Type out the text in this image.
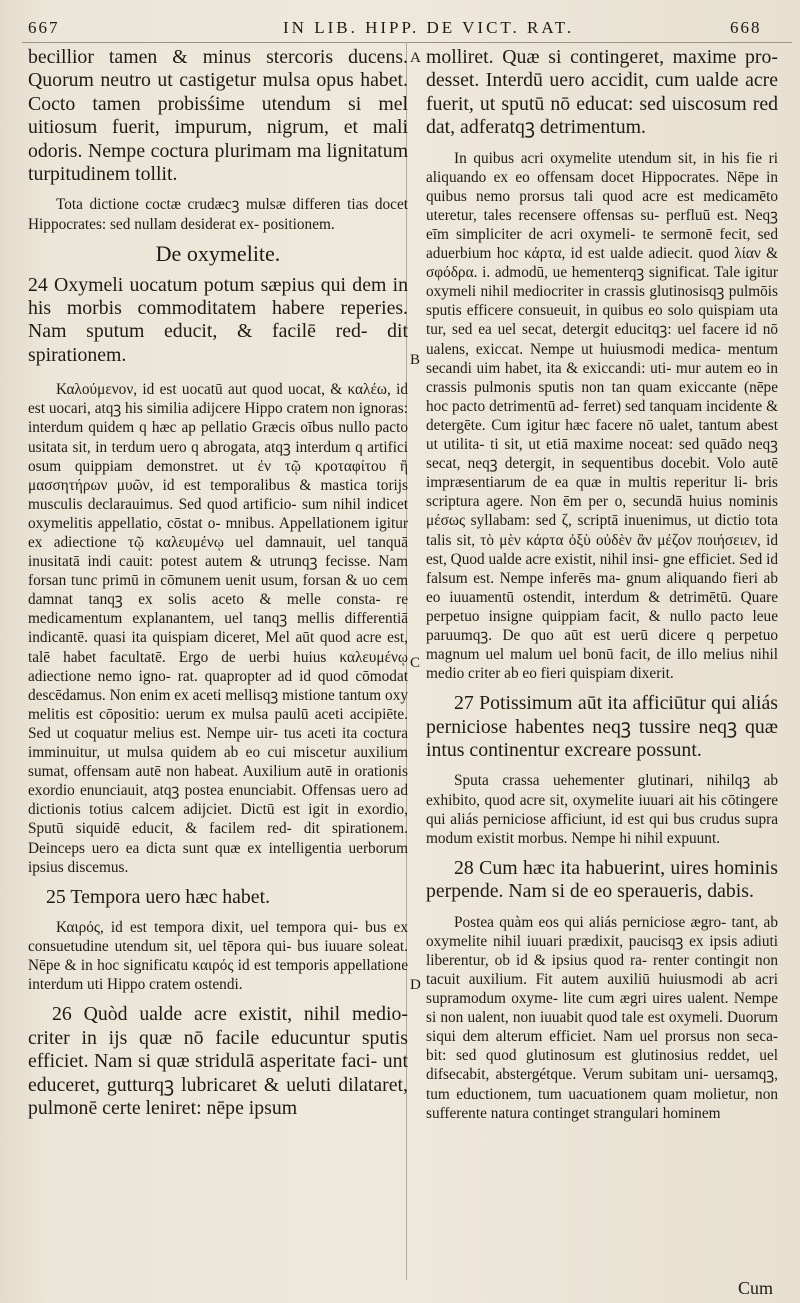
667	IN LIB. HIPP. DE VICT. RAT.	668
A
B
C
D

becillior tamen & minus stercoris ducens. Quorum neutro ut castigetur mulsa opus habet. Cocto tamen probisśime utendum si mel uitiosum fuerit, impurum, nigrum, et mali odoris. Nempe coctura plurimam ma lignitatum turpitudinem tollit.

Tota dictione coctæ crudæcꝫ mulsæ differen tias docet Hippocrates: sed nullam desiderat ex- positionem.

De oxymelite.

24 Oxymeli uocatum potum sæpius qui dem in his morbis commoditatem habere reperies. Nam sputum educit, & facilē red- dit spirationem.

Καλούμενον, id est uocatū aut quod uocat, & καλέω, id est uocari, atqꝫ his similia adijcere Hippo cratem non ignoras: interdum quidem q hæc ap pellatio Græcis oībus nullo pacto usitata sit, in terdum uero q abrogata, atqꝫ interdum q artifici osum quippiam demonstret. ut ἐν τῷ κροταφίτου ἢ μασσητήρων μυῶν, id est temporalibus & mastica torijs musculis declarauimus. Sed quod artificio- sum nihil indicet oxymelitis appellatio, cōstat o- mnibus. Appellationem igitur ex adiectione τῷ καλευμένῳ uel damnauit, uel tanquā inusitatā indi cauit: potest autem & utrunqꝫ fecisse. Nam forsan tunc primū in cōmunem uenit usum, forsan & uo cem damnat tanqꝫ ex solis aceto & melle consta- re medicamentum explanantem, uel tanqꝫ mellis differentiā indicantē. quasi ita quispiam diceret, Mel aūt quod acre est, talē habet facultatē. Ergo de uerbi huius καλευμένῳ adiectione nemo igno- rat. quapropter ad id quod cōmodat descēdamus. Non enim ex aceti mellisqꝫ mistione tantum oxy melitis est cōpositio: uerum ex mulsa paulū aceti accipiēte. Sed ut coquatur melius est. Nempe uir- tus aceti ita coctura imminuitur, ut mulsa quidem ab eo cui miscetur auxilium sumat, offensam autē non habeat. Auxilium autē in orationis exordio enunciauit, atqꝫ postea enunciabit. Offensas uero ad dictionis totius calcem adijciet. Dictū est igit in exordio, Sputū siquidē educit, & facilem red- dit spirationem. Deinceps uero ea dicta sunt quæ ex intelligentia uerborum ipsius discemus.

25 Tempora uero hæc habet.

Καιρός, id est tempora dixit, uel tempora qui- bus ex consuetudine utendum sit, uel tēpora qui- bus iuuare soleat. Nēpe & in hoc significatu καιρός id est temporis appellatione interdum uti Hippo cratem ostendi.

26 Quòd ualde acre existit, nihil medio- criter in ijs quæ nō facile educuntur sputis efficiet. Nam si quæ stridulā asperitate faci- unt educeret, gutturqꝫ lubricaret & ueluti dilataret, pulmonē certe leniret: nēpe ipsum

molliret. Quæ si contingeret, maxime pro- desset. Interdū uero accidit, cum ualde acre fuerit, ut sputū nō educat: sed uiscosum red dat, adferatqꝫ detrimentum.

In quibus acri oxymelite utendum sit, in his fie ri aliquando ex eo offensam docet Hippocrates. Nēpe in quibus nemo prorsus tali quod acre est medicamēto uteretur, tales recensere offensas su- perfluū est. Neqꝫ eīm simpliciter de acri oxymeli- te sermonē fecit, sed aduerbium hoc κάρτα, id est ualde adiecit. quod λίαν & σφόδρα. i. admodū, ue hementerqꝫ significat. Tale igitur oxymeli nihil mediocriter in crassis glutinosisqꝫ pulmōis sputis efficere consueuit, in quibus eo solo quispiam uta tur, sed ea uel secat, detergit educitqꝫ: uel facere id nō ualens, exiccat. Nempe ut huiusmodi medica- mentum secandi uim habet, ita & exiccandi: uti- mur autem eo in crassis pulmonis sputis non tan quam exiccante (nēpe hoc pacto detrimentū ad- ferret) sed tanquam incidente & detergēte. Cum igitur hæc facere nō ualet, tantum abest ut utilita- ti sit, ut etiā maxime noceat: sed quādo neqꝫ secat, neqꝫ detergit, in sequentibus docebit. Volo autē impræsentiarum de ea quæ in multis reperitur li- bris scriptura agere. Non ēm per ο, secundā huius nominis μέσως syllabam: sed ζ, scriptā inuenimus, ut dictio tota talis sit, τὸ μὲν κάρτα ὀξὺ οὐδὲν ἂν μέζον ποιήσειεν, id est, Quod ualde acre existit, nihil insi- gne efficiet. Sed id falsum est. Nempe inferēs ma- gnum aliquando fieri ab eo iuuamentū ostendit, interdum & detrimētū. Quare perpetuo insigne quippiam facit, & nullo pacto leue paruumqꝫ. De quo aūt est uerū dicere q perpetuo magnum uel malum uel bonū facit, de illo melius nihil medio criter ab eo fieri quispiam dixerit.

27 Potissimum aūt ita afficiūtur qui aliás perniciose habentes neqꝫ tussire neqꝫ quæ intus continentur excreare possunt.

Sputa crassa uehementer glutinari, nihilqꝫ ab exhibito, quod acre sit, oxymelite iuuari ait his cōtingere qui aliás perniciose afficiunt, id est qui bus crudus supra modum existit morbus. Nempe hi nihil expuunt.

28 Cum hæc ita habuerint, uires hominis perpende. Nam si de eo speraueris, dabis.

Postea quàm eos qui aliás perniciose ægro- tant, ab oxymelite nihil iuuari prædixit, paucisqꝫ ex ipsis adiuti liberentur, ob id & ipsius quod ra- renter contingit non tacuit auxilium. Fit autem auxiliū huiusmodi ab acri supramodum oxyme- lite cum ægri uires ualent. Nempe si non ualent, non iuuabit quod tale est oxymeli. Duorum siqui dem alterum efficiet. Nam uel prorsus non seca- bit: sed quod glutinosum est glutinosius reddet, uel difsecabit, abstergétque. Verum subitam uni- uersamqꝫ, tum eductionem, tum uacuationem quam molietur, non sufferente natura continget strangulari hominem

Cum
